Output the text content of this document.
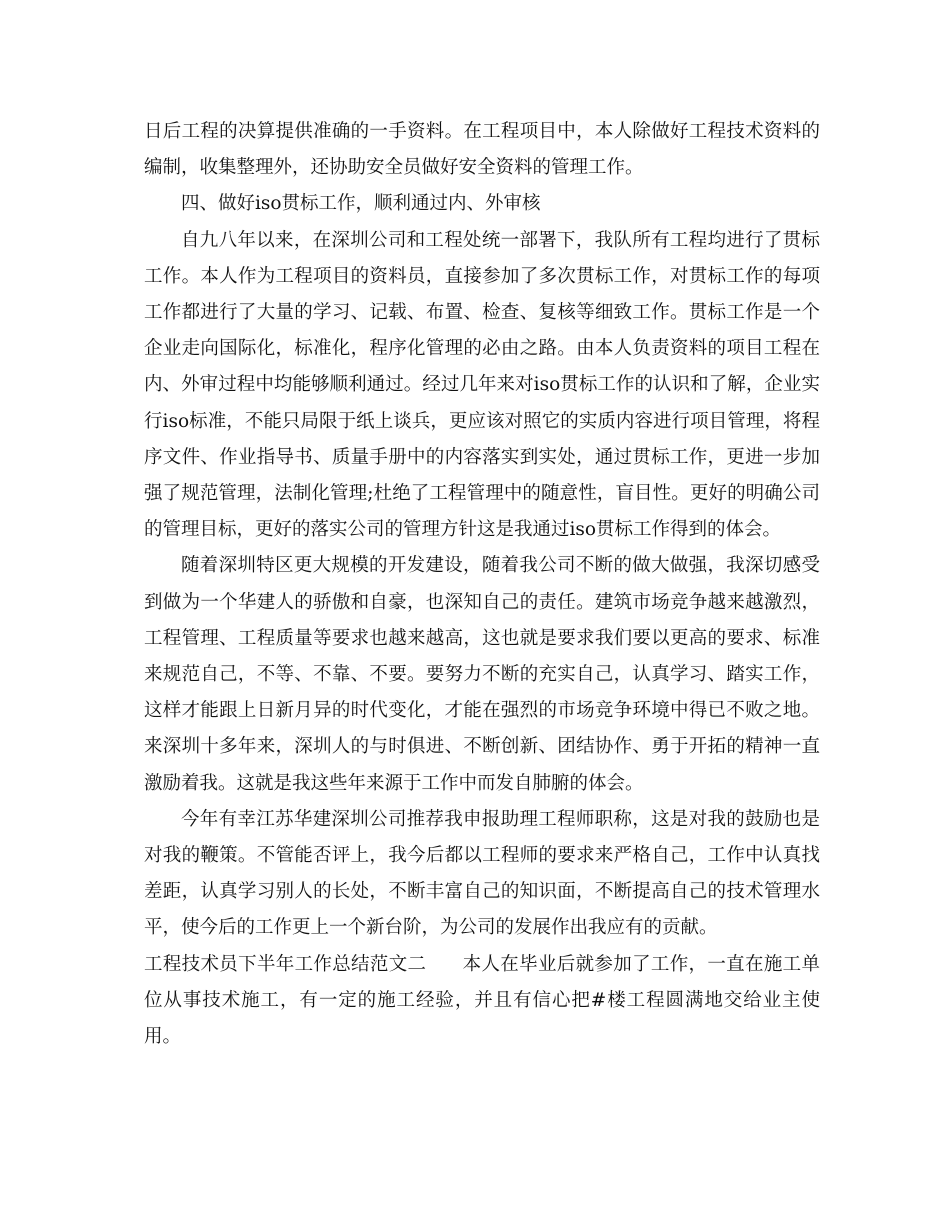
日后工程的决算提供准确的一手资料。在工程项目中，本人除做好工程技术资料的编制，收集整理外，还协助安全员做好安全资料的管理工作。

四、做好iso贯标工作，顺利通过内、外审核

自九八年以来，在深圳公司和工程处统一部署下，我队所有工程均进行了贯标工作。本人作为工程项目的资料员，直接参加了多次贯标工作，对贯标工作的每项工作都进行了大量的学习、记载、布置、检查、复核等细致工作。贯标工作是一个企业走向国际化，标准化，程序化管理的必由之路。由本人负责资料的项目工程在内、外审过程中均能够顺利通过。经过几年来对iso贯标工作的认识和了解，企业实行iso标准，不能只局限于纸上谈兵，更应该对照它的实质内容进行项目管理，将程序文件、作业指导书、质量手册中的内容落实到实处，通过贯标工作，更进一步加强了规范管理，法制化管理;杜绝了工程管理中的随意性，盲目性。更好的明确公司的管理目标，更好的落实公司的管理方针这是我通过iso贯标工作得到的体会。

随着深圳特区更大规模的开发建设，随着我公司不断的做大做强，我深切感受到做为一个华建人的骄傲和自豪，也深知自己的责任。建筑市场竞争越来越激烈，工程管理、工程质量等要求也越来越高，这也就是要求我们要以更高的要求、标准来规范自己，不等、不靠、不要。要努力不断的充实自己，认真学习、踏实工作，这样才能跟上日新月异的时代变化，才能在强烈的市场竞争环境中得已不败之地。来深圳十多年来，深圳人的与时俱进、不断创新、团结协作、勇于开拓的精神一直激励着我。这就是我这些年来源于工作中而发自肺腑的体会。

今年有幸江苏华建深圳公司推荐我申报助理工程师职称，这是对我的鼓励也是对我的鞭策。不管能否评上，我今后都以工程师的要求来严格自己，工作中认真找差距，认真学习别人的长处，不断丰富自己的知识面，不断提高自己的技术管理水平，使今后的工作更上一个新台阶，为公司的发展作出我应有的贡献。

工程技术员下半年工作总结范文二 本人在毕业后就参加了工作，一直在施工单位从事技术施工，有一定的施工经验，并且有信心把#楼工程圆满地交给业主使用。
